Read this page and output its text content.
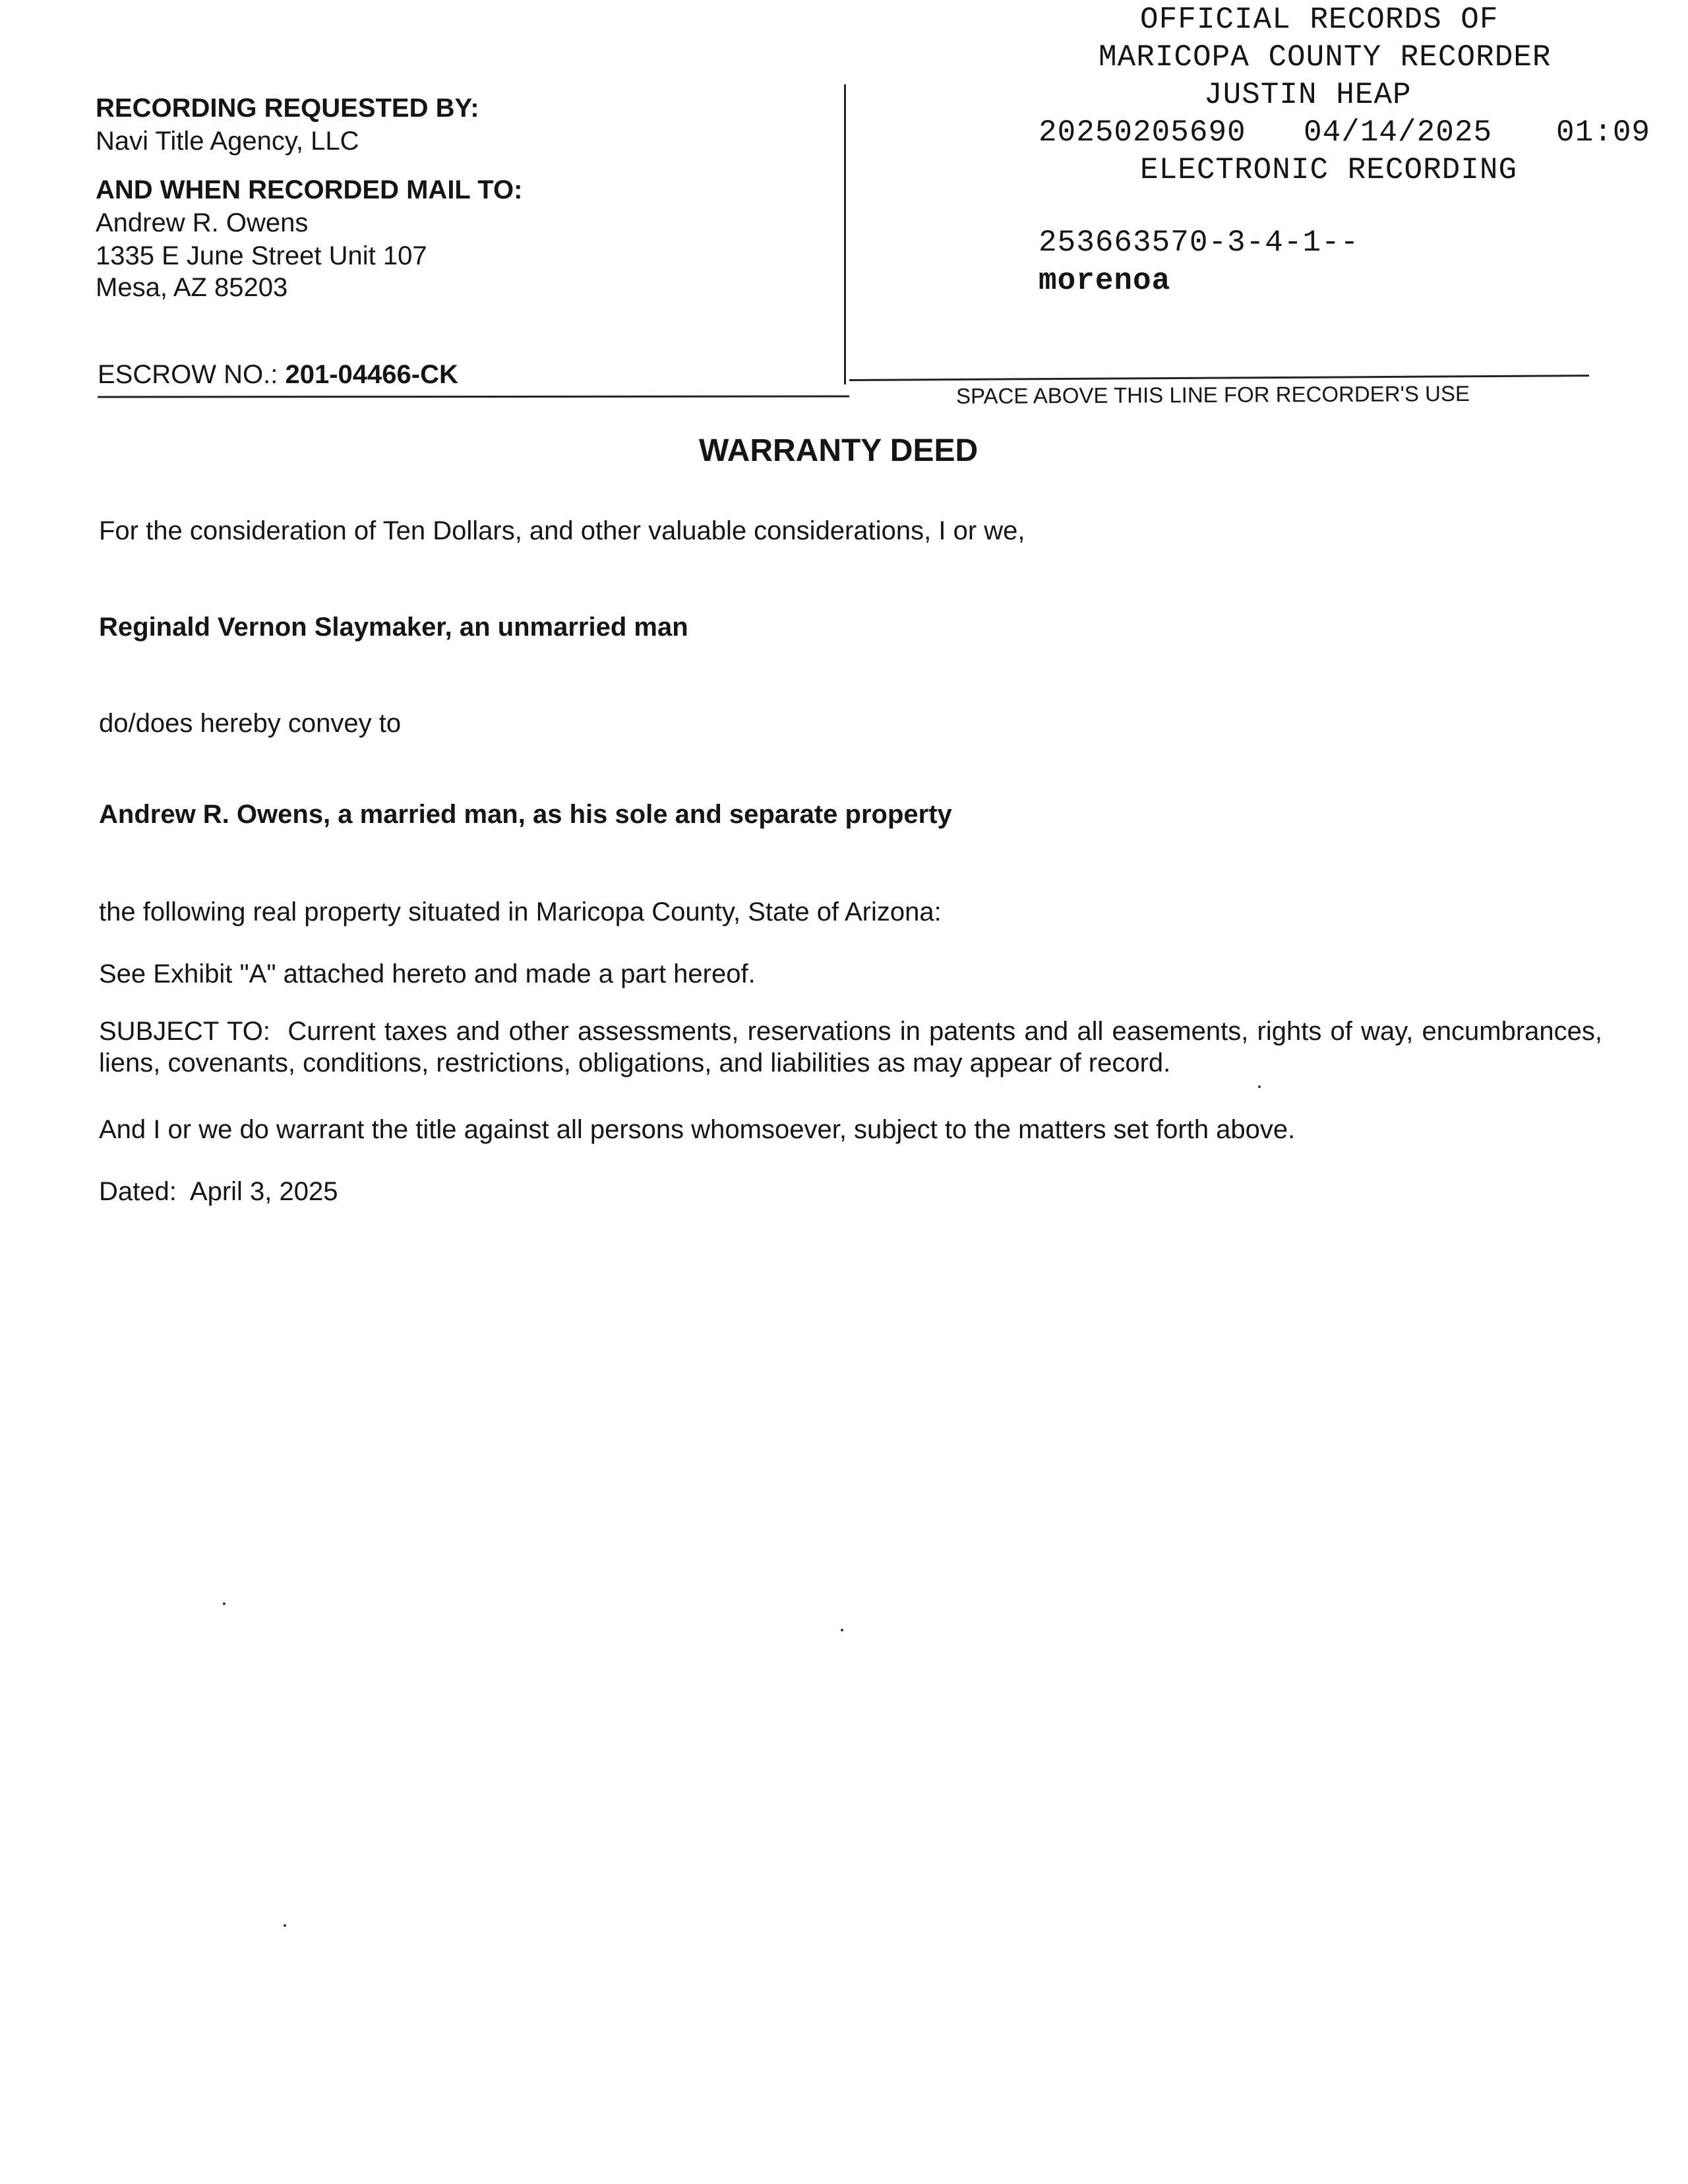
OFFICIAL RECORDS OF
MARICOPA COUNTY RECORDER
JUSTIN HEAP
20250205690 04/14/2025 01:09
ELECTRONIC RECORDING
253663570-3-4-1--
morenoa
RECORDING REQUESTED BY:
Navi Title Agency, LLC
AND WHEN RECORDED MAIL TO:
Andrew R. Owens
1335 E June Street Unit 107
Mesa, AZ 85203
ESCROW NO.: 201-04466-CK
SPACE ABOVE THIS LINE FOR RECORDER'S USE
WARRANTY DEED
For the consideration of Ten Dollars, and other valuable considerations, I or we,
Reginald Vernon Slaymaker, an unmarried man
do/does hereby convey to
Andrew R. Owens, a married man, as his sole and separate property
the following real property situated in Maricopa County, State of Arizona:
See Exhibit "A" attached hereto and made a part hereof.
SUBJECT TO: Current taxes and other assessments, reservations in patents and all easements, rights of way, encumbrances, liens, covenants, conditions, restrictions, obligations, and liabilities as may appear of record.
And I or we do warrant the title against all persons whomsoever, subject to the matters set forth above.
Dated: April 3, 2025
